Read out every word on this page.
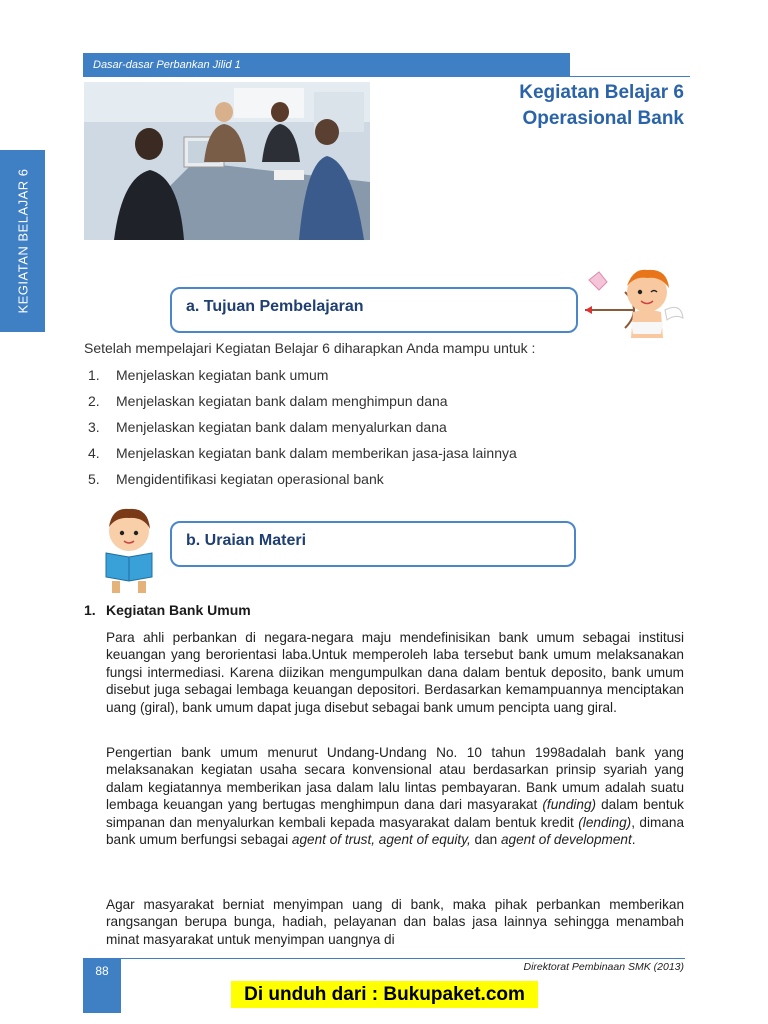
Dasar-dasar Perbankan Jilid 1
KEGIATAN BELAJAR 6
Kegiatan Belajar 6
Operasional Bank
a. Tujuan Pembelajaran
Setelah mempelajari Kegiatan Belajar 6 diharapkan Anda mampu untuk :
1. Menjelaskan kegiatan bank umum
2. Menjelaskan kegiatan bank dalam menghimpun dana
3. Menjelaskan kegiatan bank dalam menyalurkan dana
4. Menjelaskan kegiatan bank dalam memberikan jasa-jasa lainnya
5. Mengidentifikasi kegiatan operasional bank
b. Uraian Materi
1. Kegiatan Bank Umum

Para ahli perbankan di negara-negara maju mendefinisikan bank umum sebagai institusi keuangan yang berorientasi laba.Untuk memperoleh laba tersebut bank umum melaksanakan fungsi intermediasi. Karena diizikan mengumpulkan dana dalam bentuk deposito, bank umum disebut juga sebagai lembaga keuangan depositori. Berdasarkan kemampuannya menciptakan uang (giral), bank umum dapat juga disebut sebagai bank umum pencipta uang giral.

Pengertian bank umum menurut Undang-Undang No. 10 tahun 1998adalah bank yang melaksanakan kegiatan usaha secara konvensional atau berdasarkan prinsip syariah yang dalam kegiatannya memberikan jasa dalam lalu lintas pembayaran. Bank umum adalah suatu lembaga keuangan yang bertugas menghimpun dana dari masyarakat (funding) dalam bentuk simpanan dan menyalurkan kembali kepada masyarakat dalam bentuk kredit (lending), dimana bank umum berfungsi sebagai agent of trust, agent of equity, dan agent of development.

Agar masyarakat berniat menyimpan uang di bank, maka pihak perbankan memberikan rangsangan berupa bunga, hadiah, pelayanan dan balas jasa lainnya sehingga menambah minat masyarakat untuk menyimpan uangnya di

88	Direktorat Pembinaan SMK (2013)
Di unduh dari : Bukupaket.com
